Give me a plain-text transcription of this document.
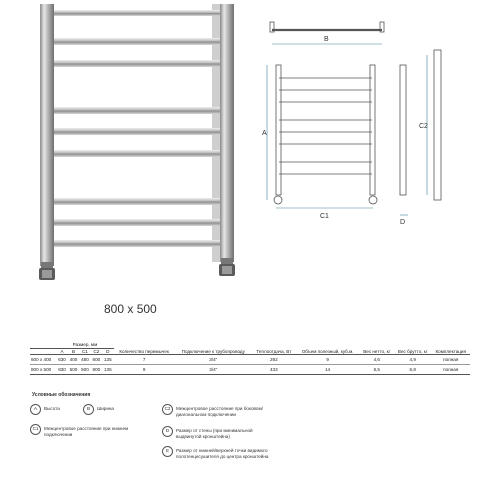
B
A
C1
C2
D
800 x 500
	Размер, мм					Количество перемычек	Подключение к трубопроводу	Теплоотдача, Вт	Объем полезный, куб.м.	Вес нетто, кг	Вес брутто, кг	Комплектация
	A	B	C1	C2	D							
600 x 400	630	400	480	600	135	7	3/4"	292	9	4,6	4,9	полная
800 x 500	830	500	500	800	135	9	3/4"	433	14	6,5	6,8	полная
Условные обозначения
A	Высота	B	Ширина
C1	Межцентровое расстояние при нижнем подключении
C2	Межцентровое расстояние при боковом/диагональном подключении
D	Размер от стены (при минимальной выдвинутой кронштейна)
E	Размер от нижней/верхней точки видимого полотенцесушителя до центра кронштейна
